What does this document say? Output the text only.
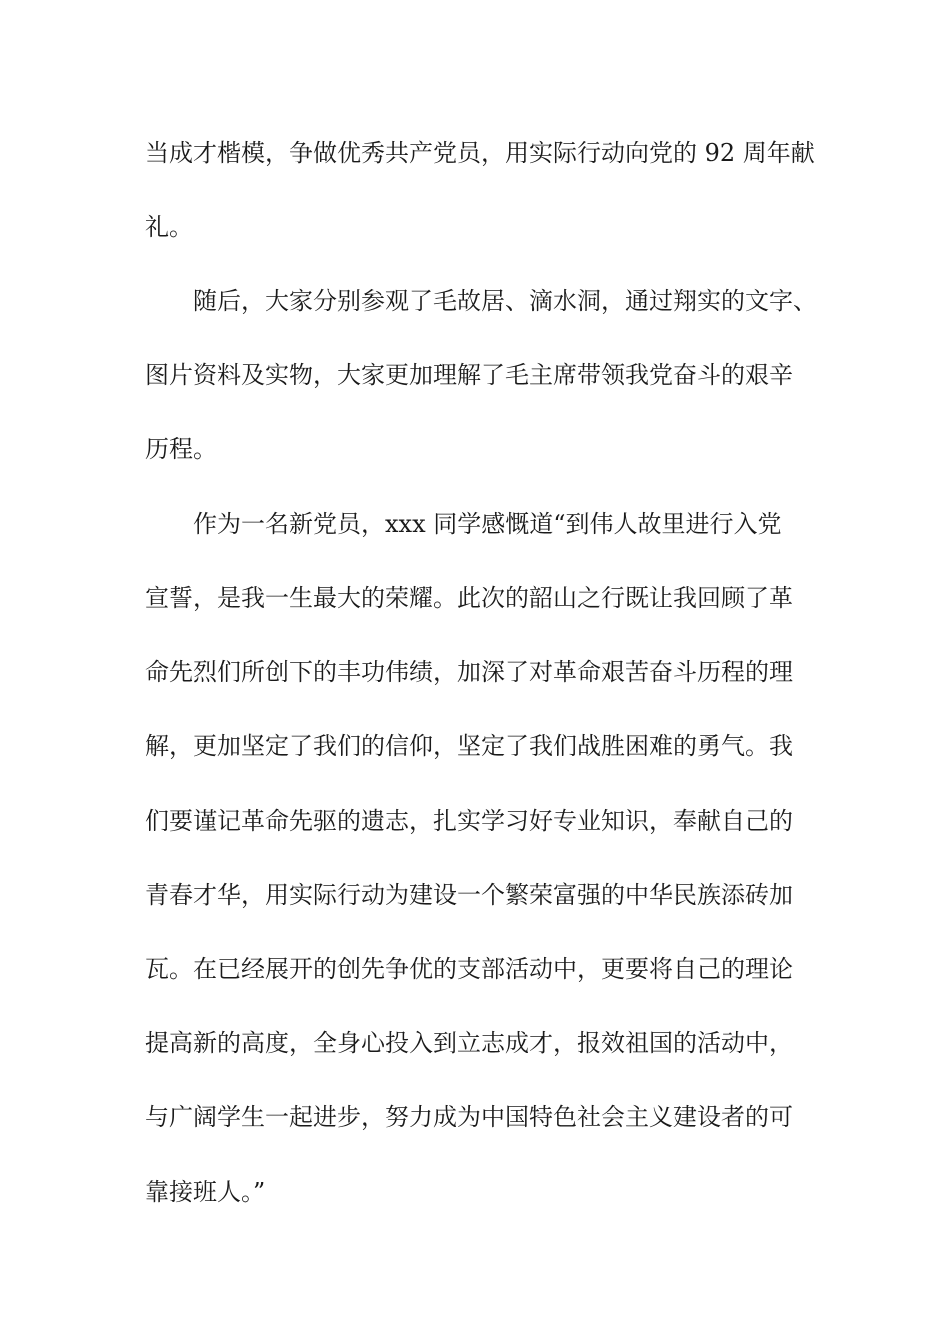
当成才楷模，争做优秀共产党员，用实际行动向党的 92 周年献

礼。

随后，大家分别参观了毛故居、滴水洞，通过翔实的文字、

图片资料及实物，大家更加理解了毛主席带领我党奋斗的艰辛

历程。

作为一名新党员，xxx 同学感慨道“到伟人故里进行入党

宣誓，是我一生最大的荣耀。此次的韶山之行既让我回顾了革

命先烈们所创下的丰功伟绩，加深了对革命艰苦奋斗历程的理

解，更加坚定了我们的信仰，坚定了我们战胜困难的勇气。我

们要谨记革命先驱的遗志，扎实学习好专业知识，奉献自己的

青春才华，用实际行动为建设一个繁荣富强的中华民族添砖加

瓦。在已经展开的创先争优的支部活动中，更要将自己的理论

提高新的高度，全身心投入到立志成才，报效祖国的活动中，

与广阔学生一起进步，努力成为中国特色社会主义建设者的可

靠接班人。”
